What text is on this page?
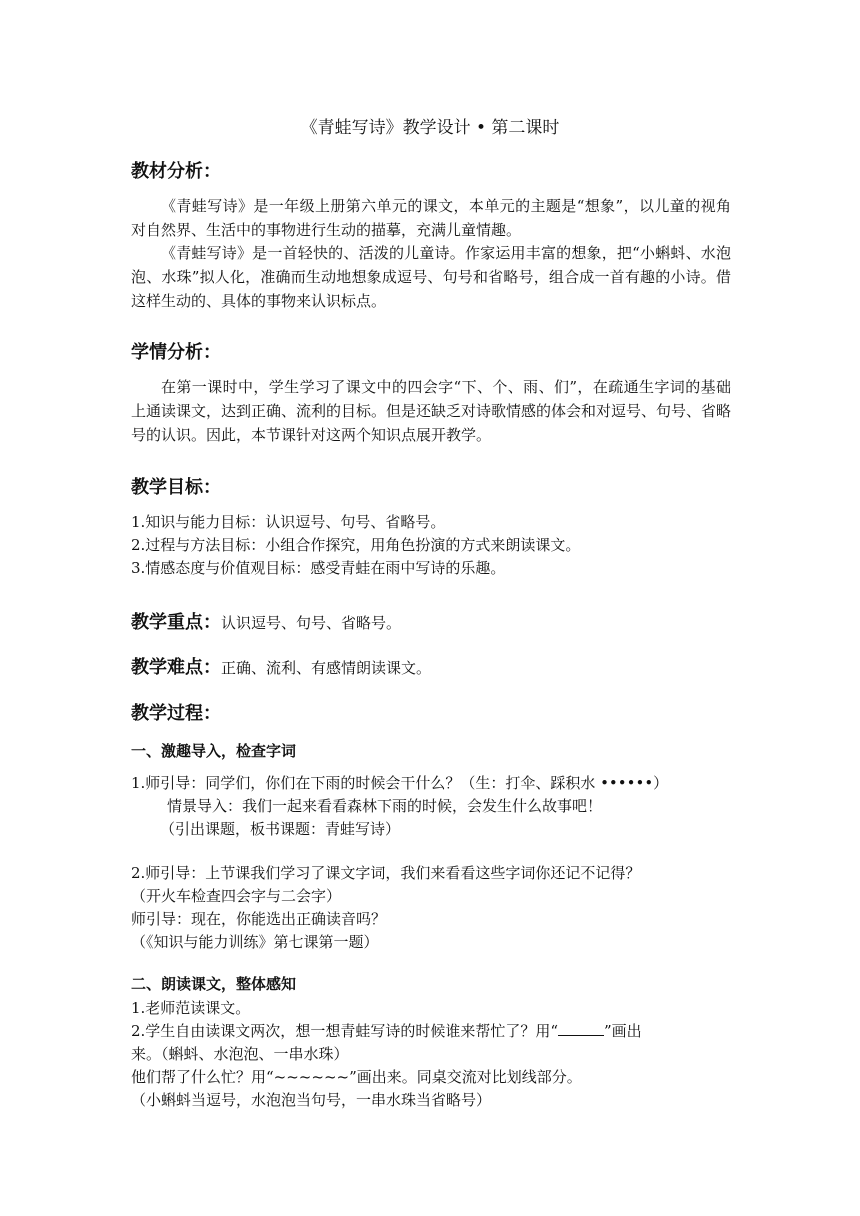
《青蛙写诗》教学设计 • 第二课时
教材分析：
《青蛙写诗》是一年级上册第六单元的课文，本单元的主题是“想象”，以儿童的视角对自然界、生活中的事物进行生动的描摹，充满儿童情趣。
《青蛙写诗》是一首轻快的、活泼的儿童诗。作家运用丰富的想象，把“小蝌蚪、水泡泡、水珠”拟人化，准确而生动地想象成逗号、句号和省略号，组合成一首有趣的小诗。借这样生动的、具体的事物来认识标点。
学情分析：
在第一课时中，学生学习了课文中的四会字“下、个、雨、们”，在疏通生字词的基础上通读课文，达到正确、流利的目标。但是还缺乏对诗歌情感的体会和对逗号、句号、省略号的认识。因此，本节课针对这两个知识点展开教学。
教学目标：
1.知识与能力目标：认识逗号、句号、省略号。
2.过程与方法目标：小组合作探究，用角色扮演的方式来朗读课文。
3.情感态度与价值观目标：感受青蛙在雨中写诗的乐趣。
教学重点：认识逗号、句号、省略号。
教学难点：正确、流利、有感情朗读课文。
教学过程：
一、激趣导入，检查字词
1.师引导：同学们，你们在下雨的时候会干什么？（生：打伞、踩积水 ••••••）
情景导入：我们一起来看看森林下雨的时候，会发生什么故事吧！
（引出课题，板书课题：青蛙写诗）
2.师引导：上节课我们学习了课文字词，我们来看看这些字词你还记不记得？
（开火车检查四会字与二会字）
师引导：现在，你能选出正确读音吗？
（《知识与能力训练》第七课第一题）
二、朗读课文，整体感知
1.老师范读课文。
2.学生自由读课文两次，想一想青蛙写诗的时候谁来帮忙了？用“	”画出
来。（蝌蚪、水泡泡、一串水珠）
他们帮了什么忙？用“~~~~~~”画出来。同桌交流对比划线部分。
（小蝌蚪当逗号，水泡泡当句号，一串水珠当省略号）
